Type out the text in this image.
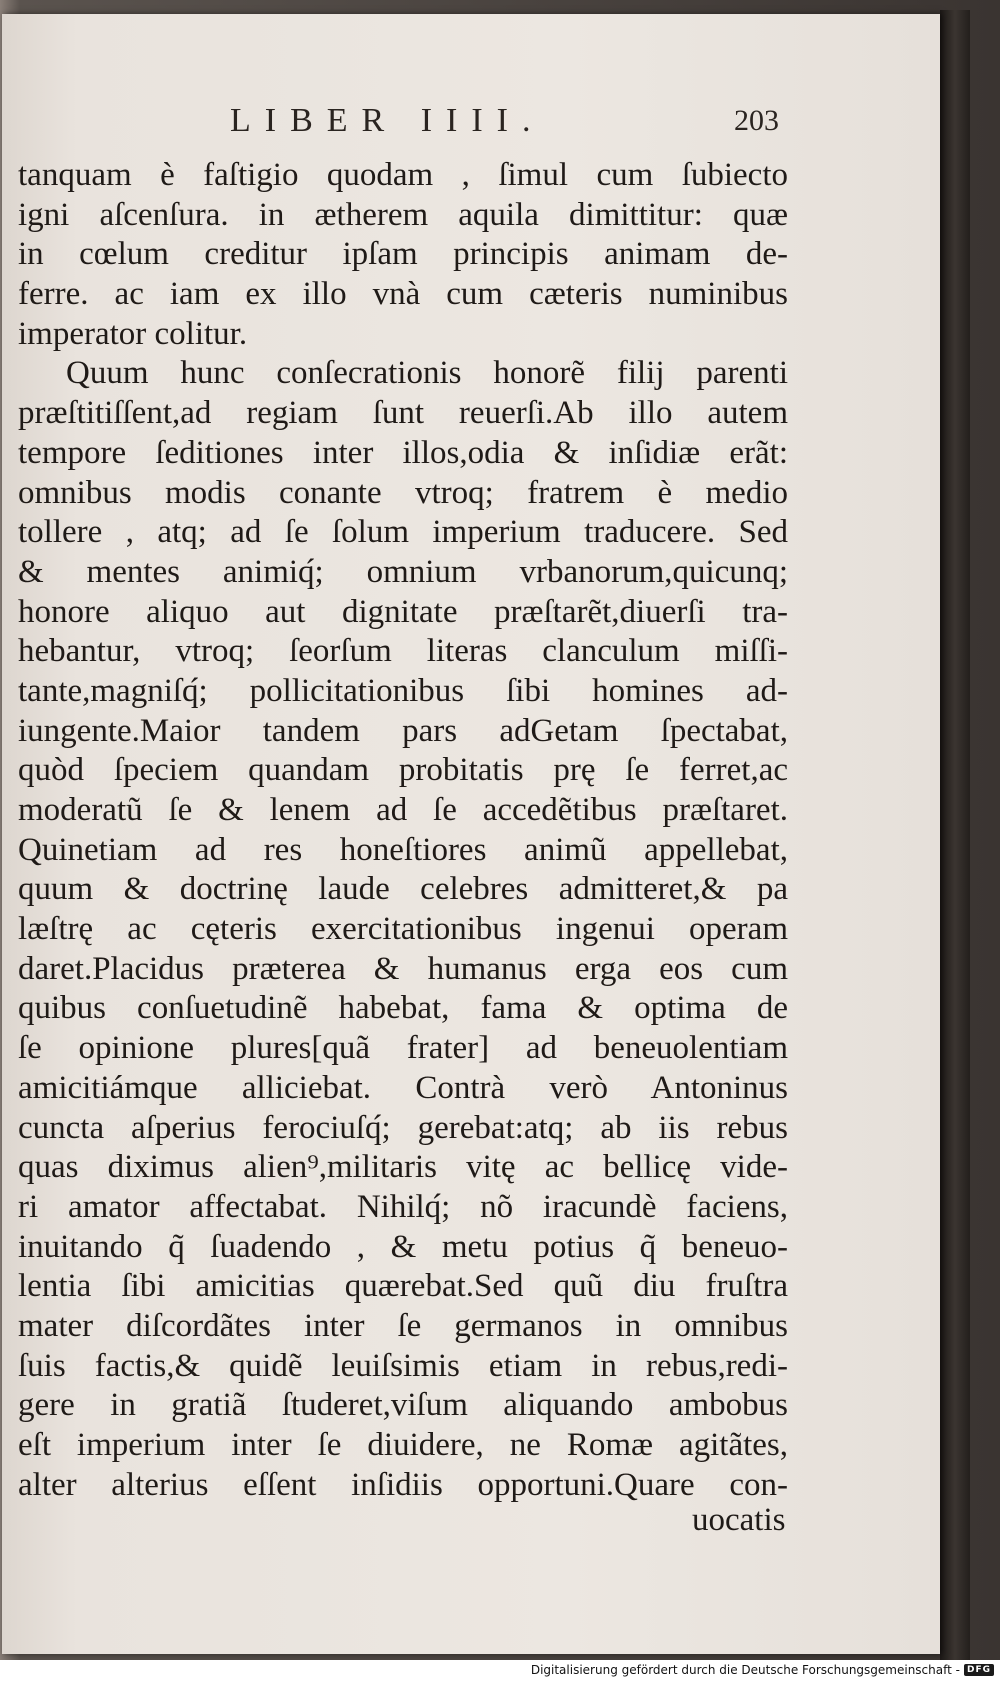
LIBER IIII.	203
tanquam è faſtigio quodam , ſimul cum ſubiecto
igni aſcenſura. in ætherem aquila dimittitur: quæ
in cœlum creditur ipſam principis animam de-
ferre. ac iam ex illo vnà cum cæteris numinibus
imperator colitur.
Quum hunc conſecrationis honorẽ filij parenti
præſtitiſſent,ad regiam ſunt reuerſi.Ab illo autem
tempore ſeditiones inter illos,odia & inſidiæ erãt:
omnibus modis conante vtroq; fratrem è medio
tollere , atq; ad ſe ſolum imperium traducere. Sed
& mentes animiq́; omnium vrbanorum,quicunq;
honore aliquo aut dignitate præſtarẽt,diuerſi tra-
hebantur, vtroq; ſeorſum literas clanculum miſſi-
tante,magniſq́; pollicitationibus ſibi homines ad-
iungente.Maior tandem pars adGetam ſpectabat,
quòd ſpeciem quandam probitatis prę ſe ferret,ac
moderatũ ſe & lenem ad ſe accedẽtibus præſtaret.
Quinetiam ad res honeſtiores animũ appellebat,
quum & doctrinę laude celebres admitteret,& pa
læſtrę ac cęteris exercitationibus ingenui operam
daret.Placidus præterea & humanus erga eos cum
quibus conſuetudinẽ habebat, fama & optima de
ſe opinione plures[quã frater] ad beneuolentiam
amicitiámque alliciebat. Contrà verò Antoninus
cuncta aſperius ferociuſq́; gerebat:atq; ab iis rebus
quas diximus alien⁹,militaris vitę ac bellicę vide-
ri amator affectabat. Nihilq́; nõ iracundè faciens,
inuitando q̃ ſuadendo , & metu potius q̃ beneuo-
lentia ſibi amicitias quærebat.Sed quũ diu fruſtra
mater diſcordãtes inter ſe germanos in omnibus
ſuis factis,& quidẽ leuiſsimis etiam in rebus,redi-
gere in gratiã ſtuderet,viſum aliquando ambobus
eſt imperium inter ſe diuidere, ne Romæ agitãtes,
alter alterius eſſent inſidiis opportuni.Quare con-
uocatis
Digitalisierung gefördert durch die Deutsche Forschungsgemeinschaft - DFG
